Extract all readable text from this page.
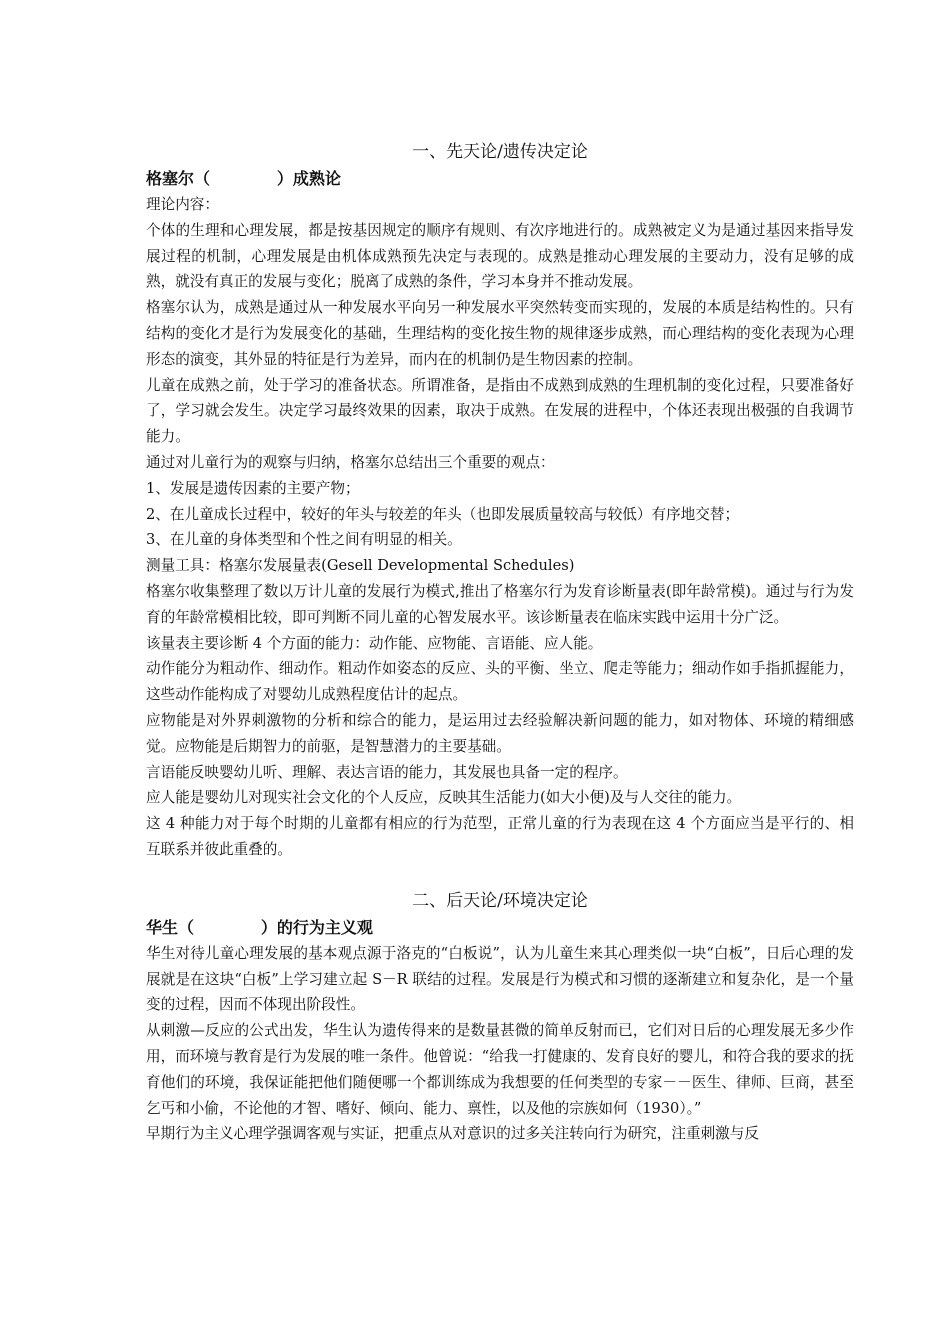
一、先天论/遗传决定论

格塞尔（            ）成熟论

理论内容：

个体的生理和心理发展，都是按基因规定的顺序有规则、有次序地进行的。成熟被定义为是通过基因来指导发展过程的机制，心理发展是由机体成熟预先决定与表现的。成熟是推动心理发展的主要动力，没有足够的成熟，就没有真正的发展与变化；脱离了成熟的条件，学习本身并不推动发展。

格塞尔认为，成熟是通过从一种发展水平向另一种发展水平突然转变而实现的，发展的本质是结构性的。只有结构的变化才是行为发展变化的基础，生理结构的变化按生物的规律逐步成熟，而心理结构的变化表现为心理形态的演变，其外显的特征是行为差异，而内在的机制仍是生物因素的控制。

儿童在成熟之前，处于学习的准备状态。所谓准备，是指由不成熟到成熟的生理机制的变化过程，只要准备好了，学习就会发生。决定学习最终效果的因素，取决于成熟。在发展的进程中，个体还表现出极强的自我调节能力。

通过对儿童行为的观察与归纳，格塞尔总结出三个重要的观点：

1、发展是遗传因素的主要产物；

2、在儿童成长过程中，较好的年头与较差的年头（也即发展质量较高与较低）有序地交替；

3、在儿童的身体类型和个性之间有明显的相关。

测量工具：格塞尔发展量表(Gesell Developmental Schedules)

格塞尔收集整理了数以万计儿童的发展行为模式,推出了格塞尔行为发育诊断量表(即年龄常模)。通过与行为发育的年龄常模相比较，即可判断不同儿童的心智发展水平。该诊断量表在临床实践中运用十分广泛。

该量表主要诊断 4 个方面的能力：动作能、应物能、言语能、应人能。

动作能分为粗动作、细动作。粗动作如姿态的反应、头的平衡、坐立、爬走等能力；细动作如手指抓握能力，这些动作能构成了对婴幼儿成熟程度估计的起点。

应物能是对外界刺激物的分析和综合的能力，是运用过去经验解决新问题的能力，如对物体、环境的精细感觉。应物能是后期智力的前驱，是智慧潜力的主要基础。

言语能反映婴幼儿听、理解、表达言语的能力，其发展也具备一定的程序。

应人能是婴幼儿对现实社会文化的个人反应，反映其生活能力(如大小便)及与人交往的能力。

这 4 种能力对于每个时期的儿童都有相应的行为范型，正常儿童的行为表现在这 4 个方面应当是平行的、相互联系并彼此重叠的。

二、后天论/环境决定论

华生（            ）的行为主义观

华生对待儿童心理发展的基本观点源于洛克的“白板说”，认为儿童生来其心理类似一块“白板”，日后心理的发展就是在这块“白板”上学习建立起 S－R 联结的过程。发展是行为模式和习惯的逐渐建立和复杂化，是一个量变的过程，因而不体现出阶段性。

从刺激—反应的公式出发，华生认为遗传得来的是数量甚微的简单反射而已，它们对日后的心理发展无多少作用，而环境与教育是行为发展的唯一条件。他曾说：“给我一打健康的、发育良好的婴儿，和符合我的要求的抚育他们的环境，我保证能把他们随便哪一个都训练成为我想要的任何类型的专家－－医生、律师、巨商，甚至乞丐和小偷，不论他的才智、嗜好、倾向、能力、禀性，以及他的宗族如何（1930）。”

早期行为主义心理学强调客观与实证，把重点从对意识的过多关注转向行为研究，注重刺激与反
